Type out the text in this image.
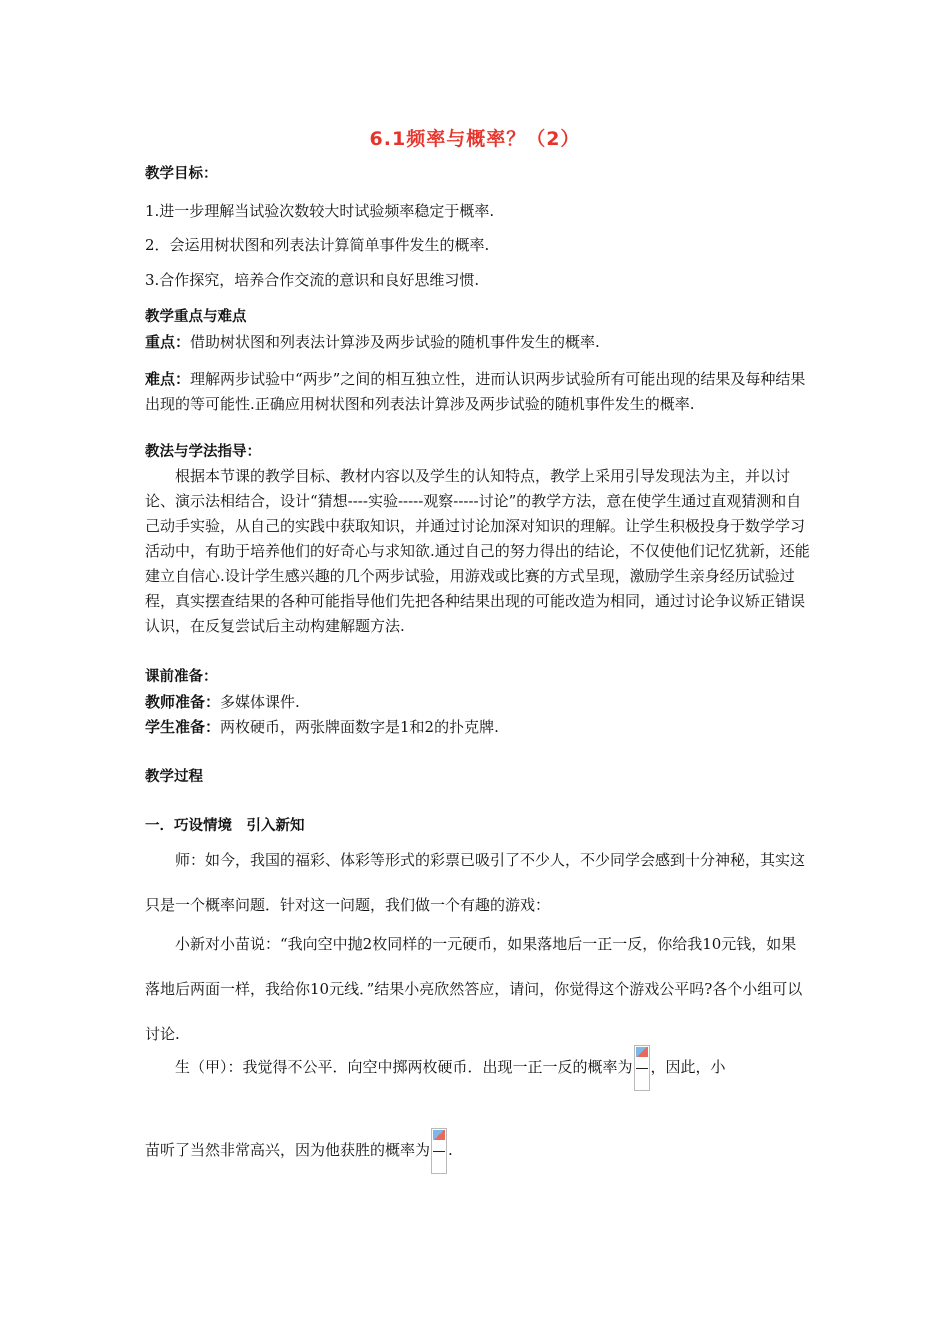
6.1频率与概率？（2）
教学目标：
1.进一步理解当试验次数较大时试验频率稳定于概率.
2．会运用树状图和列表法计算简单事件发生的概率.
3.合作探究，培养合作交流的意识和良好思维习惯.
教学重点与难点
重点：借助树状图和列表法计算涉及两步试验的随机事件发生的概率.
难点：理解两步试验中“两步”之间的相互独立性，进而认识两步试验所有可能出现的结果及每种结果出现的等可能性.正确应用树状图和列表法计算涉及两步试验的随机事件发生的概率.
教法与学法指导：
根据本节课的教学目标、教材内容以及学生的认知特点，教学上采用引导发现法为主，并以讨论、演示法相结合，设计“猜想----实验-----观察-----讨论”的教学方法，意在使学生通过直观猜测和自己动手实验，从自己的实践中获取知识，并通过讨论加深对知识的理解。让学生积极投身于数学学习活动中，有助于培养他们的好奇心与求知欲.通过自己的努力得出的结论，不仅使他们记忆犹新，还能建立自信心.设计学生感兴趣的几个两步试验，用游戏或比赛的方式呈现，激励学生亲身经历试验过程，真实摆查结果的各种可能指导他们先把各种结果出现的可能改造为相同，通过讨论争议矫正错误认识，在反复尝试后主动构建解题方法.
课前准备：
教师准备：多媒体课件.
学生准备：两枚硬币，两张牌面数字是1和2的扑克牌.
教学过程
一．巧设情境　引入新知
师：如今，我国的福彩、体彩等形式的彩票已吸引了不少人，不少同学会感到十分神秘，其实这只是一个概率问题．针对这一问题，我们做一个有趣的游戏：
小新对小苗说：“我向空中抛2枚同样的一元硬币，如果落地后一正一反，你给我10元钱，如果落地后两面一样，我给你10元线．”结果小亮欣然答应，请问，你觉得这个游戏公平吗?各个小组可以讨论.
生（甲）：我觉得不公平．向空中掷两枚硬币．出现一正一反的概率为 ，因此，小
苗听了当然非常高兴，因为他获胜的概率为 .
